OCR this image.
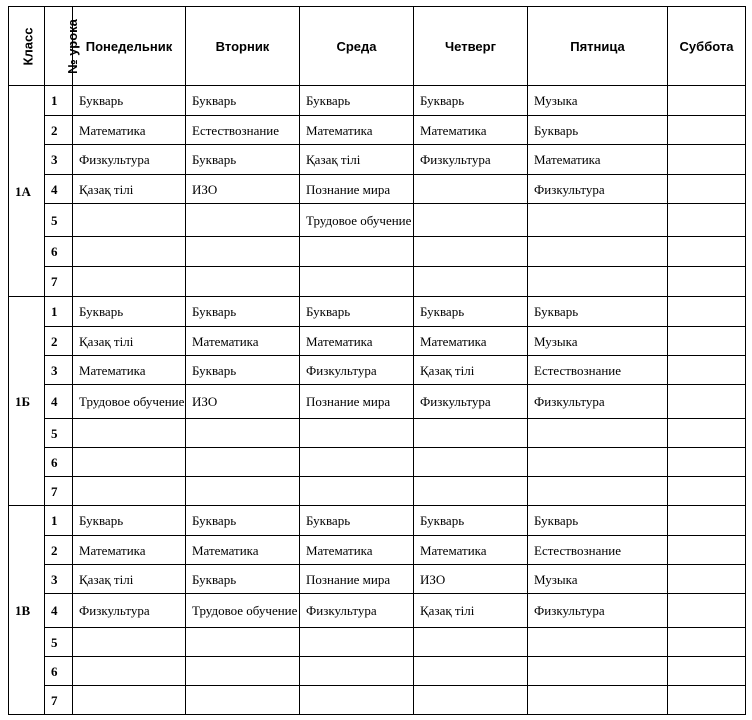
Класс	№ урока	Понедельник	Вторник	Среда	Четверг	Пятница	Суббота
1А	1	Букварь	Букварь	Букварь	Букварь	Музыка	
	2	Математика	Естествознание	Математика	Математика	Букварь	
	3	Физкультура	Букварь	Қазақ тілі	Физкультура	Математика	
	4	Қазақ тілі	ИЗО	Познание мира		Физкультура	
	5			Трудовое обучение			
	6						
	7						
1Б	1	Букварь	Букварь	Букварь	Букварь	Букварь	
	2	Қазақ тілі	Математика	Математика	Математика	Музыка	
	3	Математика	Букварь	Физкультура	Қазақ тілі	Естествознание	
	4	Трудовое обучение	ИЗО	Познание мира	Физкультура	Физкультура	
	5						
	6						
	7						
1В	1	Букварь	Букварь	Букварь	Букварь	Букварь	
	2	Математика	Математика	Математика	Математика	Естествознание	
	3	Қазақ тілі	Букварь	Познание мира	ИЗО	Музыка	
	4	Физкультура	Трудовое обучение	Физкультура	Қазақ тілі	Физкультура	
	5						
	6						
	7						
